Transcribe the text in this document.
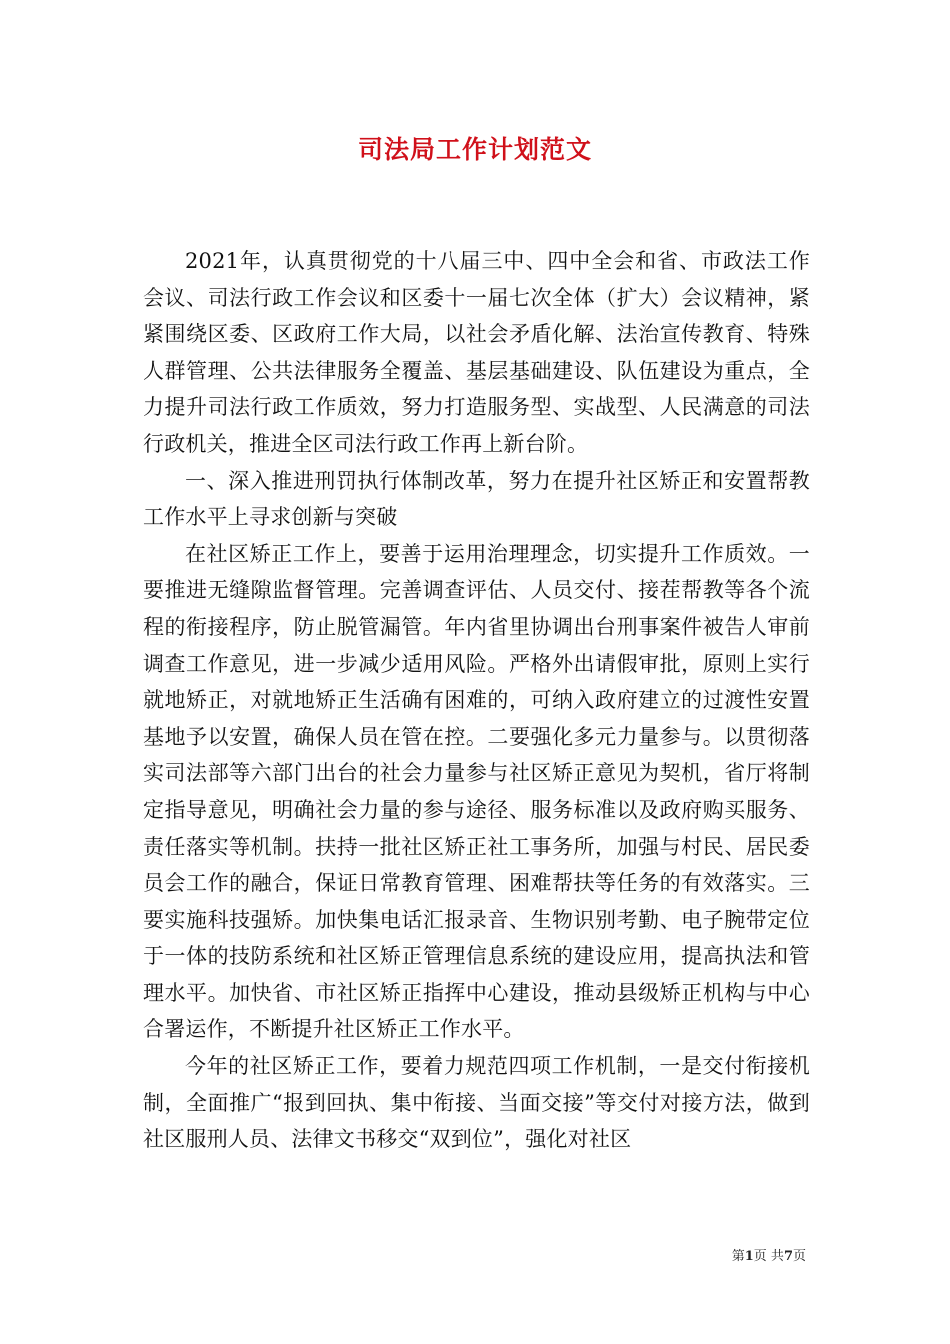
司法局工作计划范文

2021年，认真贯彻党的十八届三中、四中全会和省、市政法工作会议、司法行政工作会议和区委十一届七次全体（扩大）会议精神，紧紧围绕区委、区政府工作大局，以社会矛盾化解、法治宣传教育、特殊人群管理、公共法律服务全覆盖、基层基础建设、队伍建设为重点，全力提升司法行政工作质效，努力打造服务型、实战型、人民满意的司法行政机关，推进全区司法行政工作再上新台阶。

一、深入推进刑罚执行体制改革，努力在提升社区矫正和安置帮教工作水平上寻求创新与突破

在社区矫正工作上，要善于运用治理理念，切实提升工作质效。一要推进无缝隙监督管理。完善调查评估、人员交付、接茬帮教等各个流程的衔接程序，防止脱管漏管。年内省里协调出台刑事案件被告人审前调查工作意见，进一步减少适用风险。严格外出请假审批，原则上实行就地矫正，对就地矫正生活确有困难的，可纳入政府建立的过渡性安置基地予以安置，确保人员在管在控。二要强化多元力量参与。以贯彻落实司法部等六部门出台的社会力量参与社区矫正意见为契机，省厅将制定指导意见，明确社会力量的参与途径、服务标准以及政府购买服务、责任落实等机制。扶持一批社区矫正社工事务所，加强与村民、居民委员会工作的融合，保证日常教育管理、困难帮扶等任务的有效落实。三要实施科技强矫。加快集电话汇报录音、生物识别考勤、电子腕带定位于一体的技防系统和社区矫正管理信息系统的建设应用，提高执法和管理水平。加快省、市社区矫正指挥中心建设，推动县级矫正机构与中心合署运作，不断提升社区矫正工作水平。

今年的社区矫正工作，要着力规范四项工作机制，一是交付衔接机制，全面推广“报到回执、集中衔接、当面交接”等交付对接方法，做到社区服刑人员、法律文书移交“双到位”，强化对社区

第1页 共7页
